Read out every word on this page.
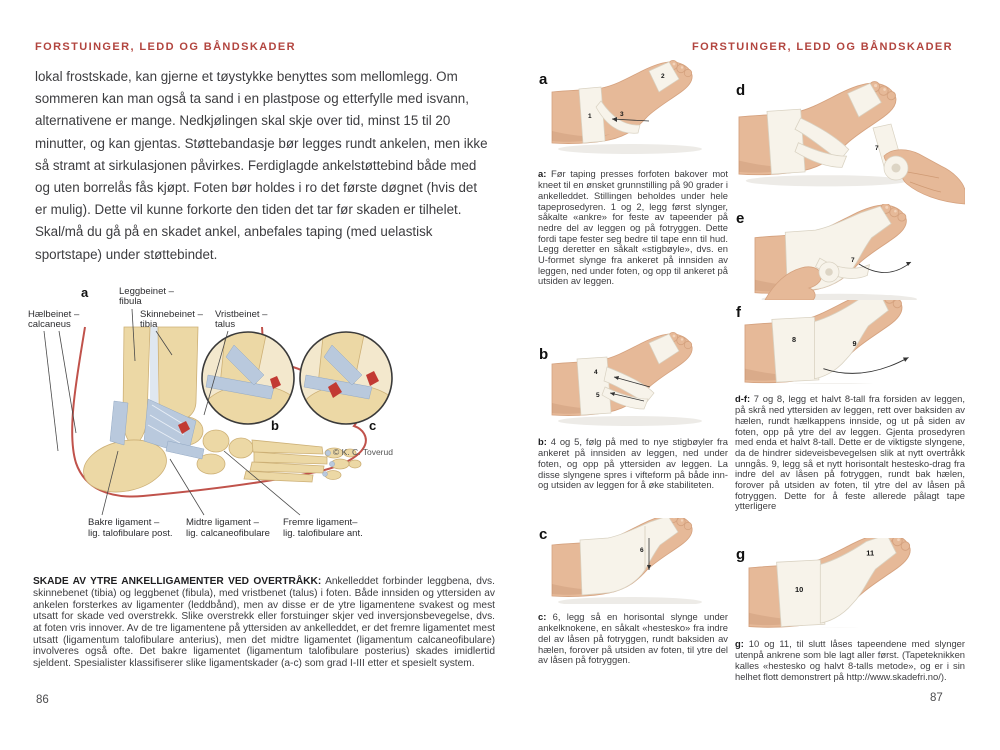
FORSTUINGER, LEDD OG BÅNDSKADER	FORSTUINGER, LEDD OG BÅNDSKADER
lokal frostskade, kan gjerne et tøystykke benyttes som mellomlegg. Om sommeren kan man også ta sand i en plastpose og etterfylle med isvann, alternativene er mange. Nedkjølingen skal skje over tid, minst 15 til 20 minutter, og kan gjentas. Støttebandasje bør legges rundt ankelen, men ikke så stramt at sirkulasjonen påvirkes. Ferdiglagde ankelstøttebind både med og uten borrelås fås kjøpt. Foten bør holdes i ro det første døgnet (hvis det er mulig). Dette vil kunne forkorte den tiden det tar før skaden er tilhelet. Skal/må du gå på en skadet ankel, anbefales taping (med uelastisk sportstape) under støttebindet.
a	Leggbeinet –
fibula
Hælbeinet –
calcaneus
Skinnebeinet –
tibia
Vristbeinet –
talus
Bakre ligament –
lig. talofibulare post.
Midtre ligament –
lig. calcaneofibulare
Fremre ligament–
lig. talofibulare ant.
b	c
© K. C. Toverud

SKADE AV YTRE ANKELLIGAMENTER VED OVERTRÅKK: Ankelleddet forbinder leggbena, dvs. skinnebenet (tibia) og leggbenet (fibula), med vristbenet (talus) i foten. Både innsiden og yttersiden av ankelen forsterkes av ligamenter (leddbånd), men av disse er de ytre ligamentene svakest og mest utsatt for skade ved overstrekk. Slike overstrekk eller forstuinger skjer ved inversjonsbevegelse, dvs. at foten vris innover. Av de tre ligamentene på yttersiden av ankelleddet, er det fremre ligamentet mest utsatt (ligamentum talofibulare anterius), men det midtre ligamentet (ligamentum calcaneofibulare) involveres også ofte. Det bakre ligamentet (ligamentum talofibulare posterius) skades imidlertid sjeldent. Spesialister klassifiserer slike ligamentskader (a-c) som grad I-III etter et spesielt system.

86	87
a
1
2
3

a: Før taping presses forfoten bakover mot kneet til en ønsket grunnstilling på 90 grader i ankelleddet. Stillingen beholdes under hele tapeprosedyren. 1 og 2, legg først slynger, såkalte «ankre» for feste av tapeender på nedre del av leggen og på fotryggen. Dette fordi tape fester seg bedre til tape enn til hud. Legg deretter en såkalt «stigbøyle», dvs. en U-formet slynge fra ankeret på innsiden av leggen, ned under foten, og opp til ankeret på utsiden av leggen.

b
4
5

b: 4 og 5, følg på med to nye stigbøyler fra ankeret på innsiden av leggen, ned under foten, og opp på yttersiden av leggen. La disse slyngene spres i vifteform på både inn- og utsiden av leggen for å øke stabiliteten.

c
6

c: 6, legg så en horisontal slynge under ankelknokene, en såkalt «hestesko» fra indre del av låsen på fotryggen, rundt baksiden av hælen, forover på utsiden av foten, til ytre del av låsen på fotryggen.

d
7
e
7
f
8	9

d-f: 7 og 8, legg et halvt 8-tall fra forsiden av leggen, på skrå ned yttersiden av leggen, rett over baksiden av hælen, rundt hælkappens innside, og ut på siden av foten, opp på ytre del av leggen. Gjenta prosedyren med enda et halvt 8-tall. Dette er de viktigste slyngene, da de hindrer sideveisbevegelsen slik at nytt overtråkk unngås. 9, legg så et nytt horisontalt hestesko-drag fra indre del av låsen på fotryggen, rundt bak hælen, forover på utsiden av foten, til ytre del av låsen på fotryggen. Dette for å feste allerede pålagt tape ytterligere

g
10
11

g: 10 og 11, til slutt låses tapeendene med slynger utenpå ankrene som ble lagt aller først. (Tapeteknikken kalles «hestesko og halvt 8-talls metode», og er i sin helhet flott demonstrert på http://www.skadefri.no/).
